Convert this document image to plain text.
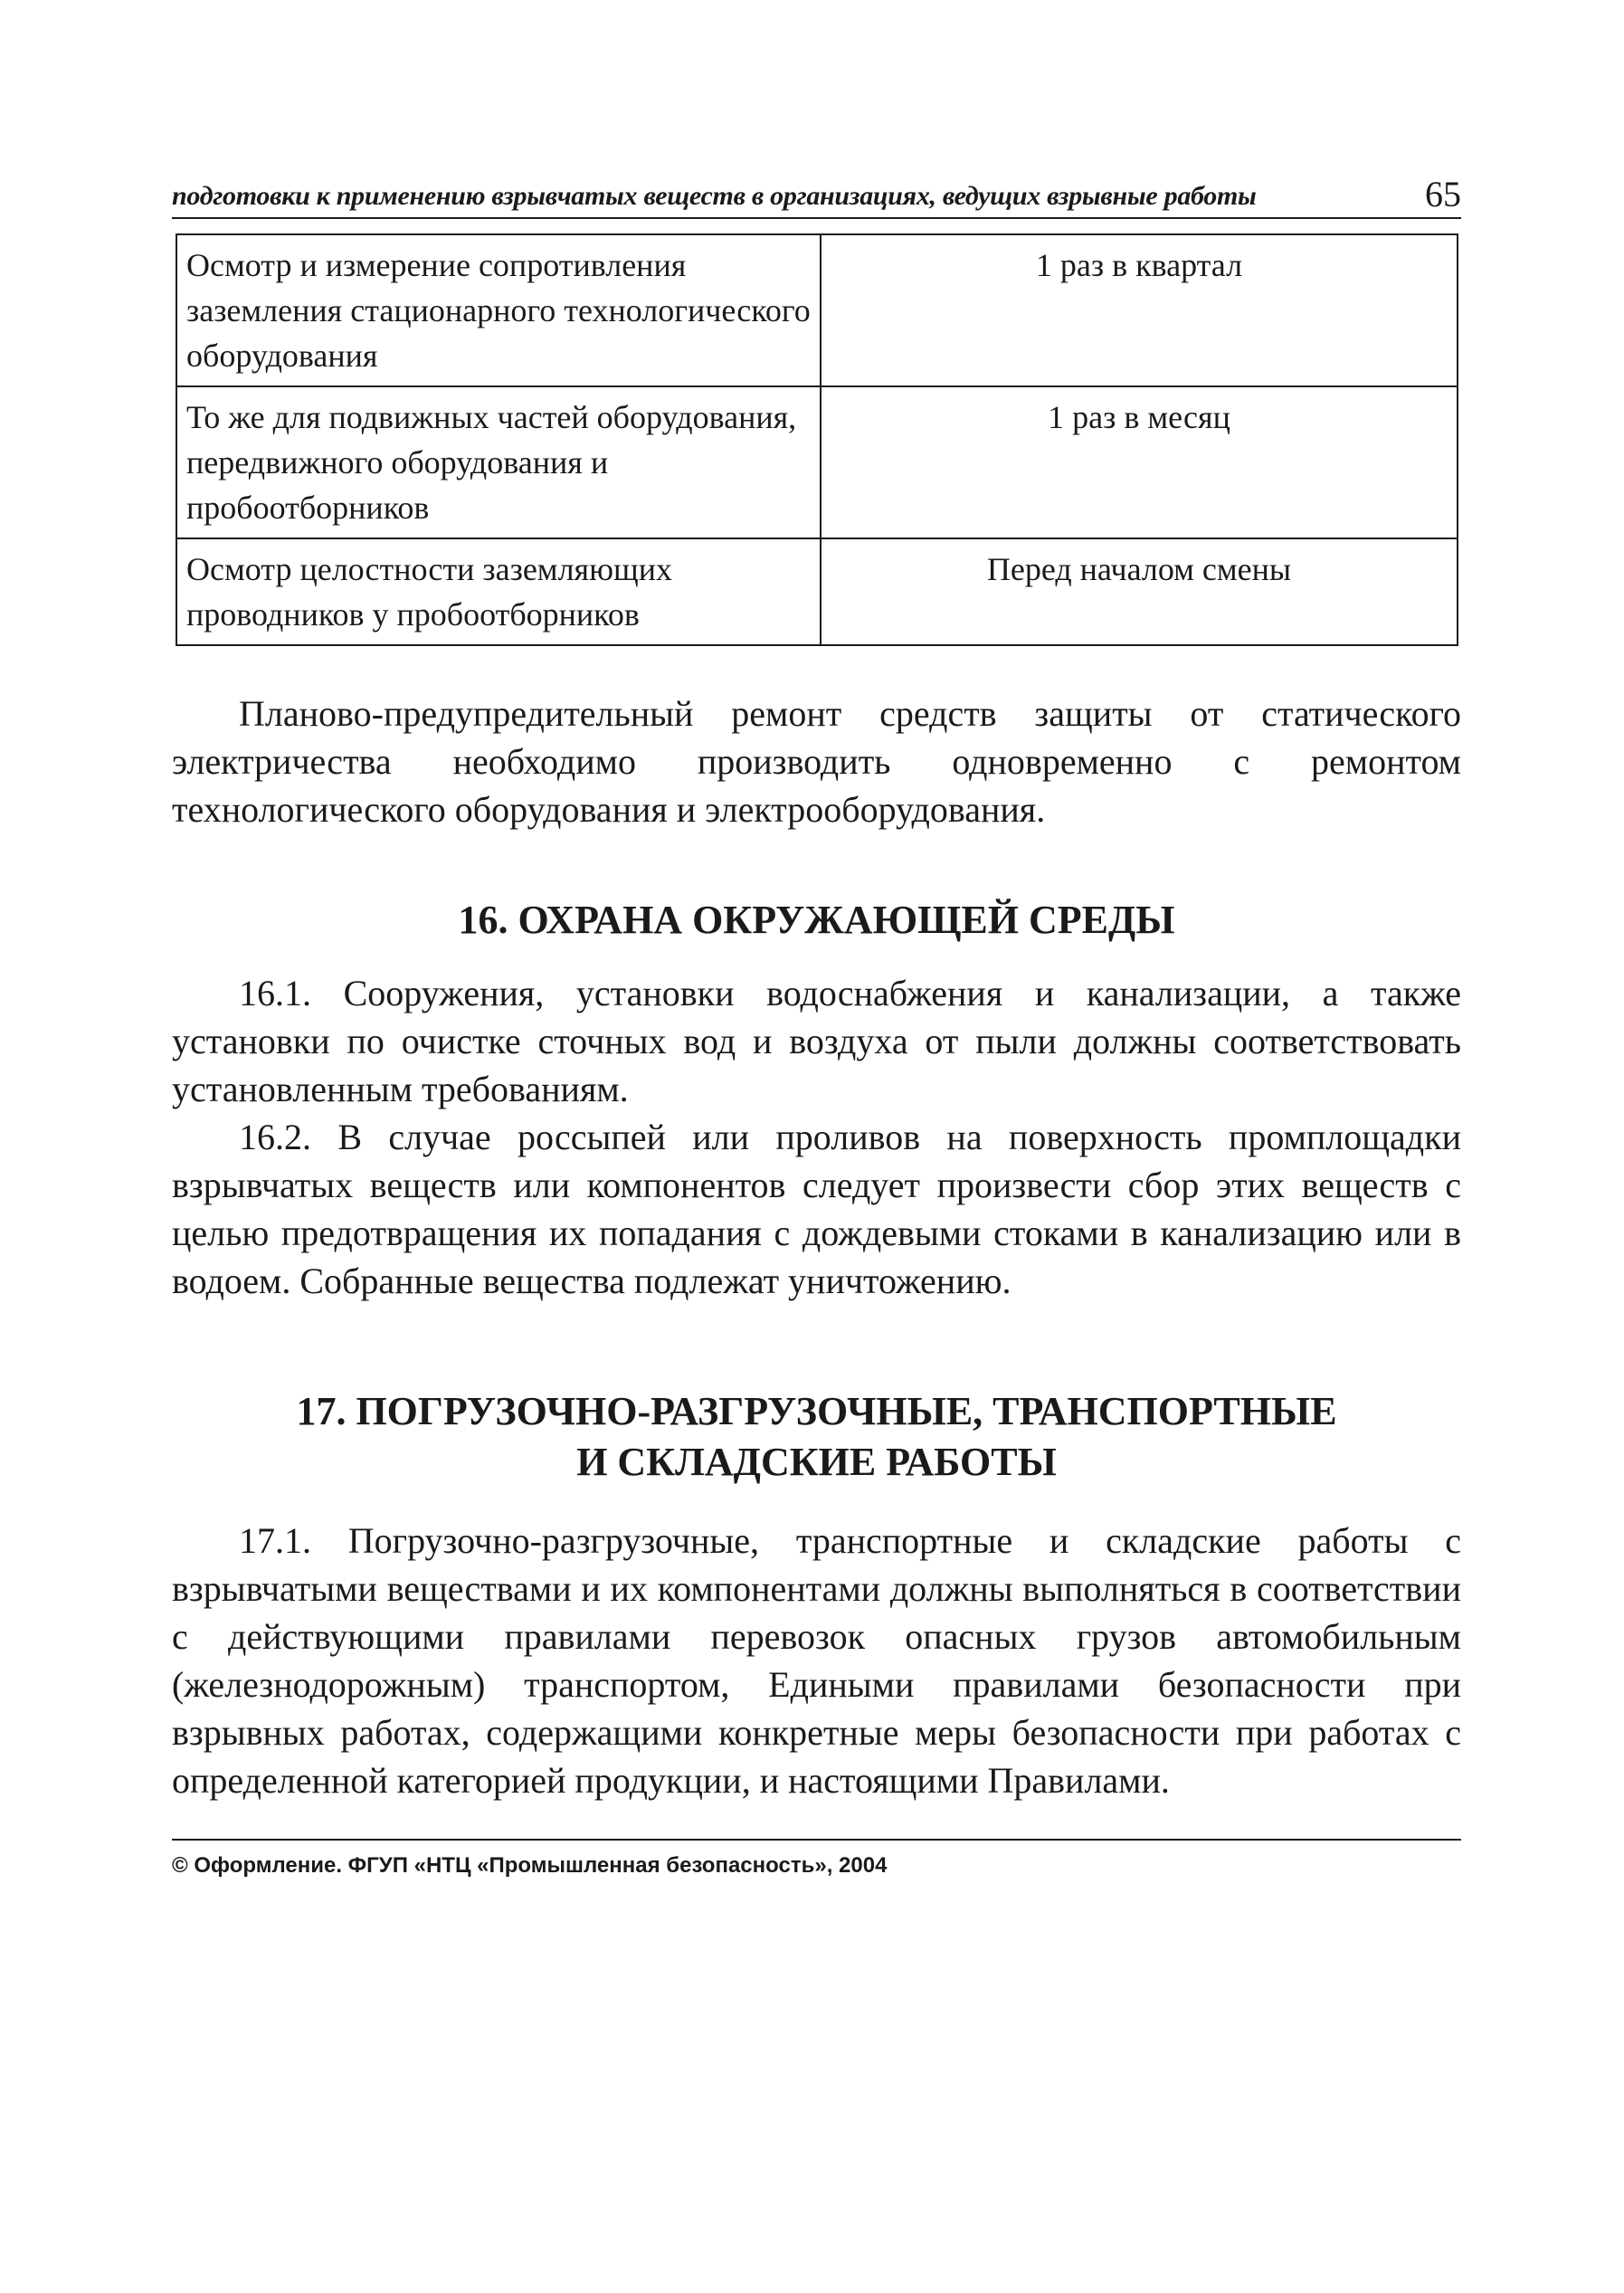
подготовки к применению взрывчатых веществ в организациях, ведущих взрывные работы	65
Осмотр и измерение сопротивления заземления стационарного технологического оборудования	1 раз в квартал
То же для подвижных частей оборудования, передвижного оборудования и пробоотборников	1 раз в месяц
Осмотр целостности заземляющих проводников у пробоотборников	Перед началом смены

Планово-предупредительный ремонт средств защиты от статического электричества необходимо производить одновременно с ремонтом технологического оборудования и электрооборудования.

16. ОХРАНА ОКРУЖАЮЩЕЙ СРЕДЫ

16.1. Сооружения, установки водоснабжения и канализации, а также установки по очистке сточных вод и воздуха от пыли должны соответствовать установленным требованиям.

16.2. В случае россыпей или проливов на поверхность промплощадки взрывчатых веществ или компонентов следует произвести сбор этих веществ с целью предотвращения их попадания с дождевыми стоками в канализацию или в водоем. Собранные вещества подлежат уничтожению.

17. ПОГРУЗОЧНО-РАЗГРУЗОЧНЫЕ, ТРАНСПОРТНЫЕ
И СКЛАДСКИЕ РАБОТЫ

17.1. Погрузочно-разгрузочные, транспортные и складские работы с взрывчатыми веществами и их компонентами должны выполняться в соответствии с действующими правилами перевозок опасных грузов автомобильным (железнодорожным) транспортом, Едиными правилами безопасности при взрывных работах, содержащими конкретные меры безопасности при работах с определенной категорией продукции, и настоящими Правилами.

© Оформление. ФГУП «НТЦ «Промышленная безопасность», 2004
